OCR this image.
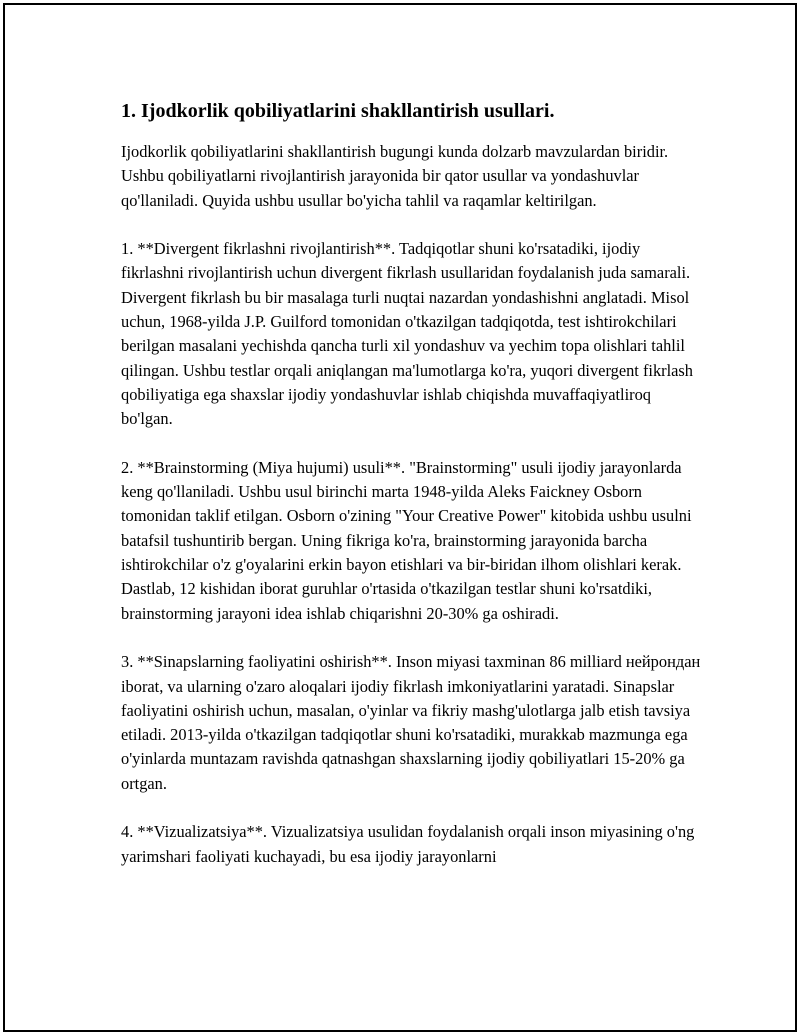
1. Ijodkorlik qobiliyatlarini shakllantirish usullari.

Ijodkorlik qobiliyatlarini shakllantirish bugungi kunda dolzarb mavzulardan biridir. Ushbu qobiliyatlarni rivojlantirish jarayonida bir qator usullar va yondashuvlar qo'llaniladi. Quyida ushbu usullar bo'yicha tahlil va raqamlar keltirilgan.

1. **Divergent fikrlashni rivojlantirish**. Tadqiqotlar shuni ko'rsatadiki, ijodiy fikrlashni rivojlantirish uchun divergent fikrlash usullaridan foydalanish juda samarali. Divergent fikrlash bu bir masalaga turli nuqtai nazardan yondashishni anglatadi. Misol uchun, 1968-yilda J.P. Guilford tomonidan o'tkazilgan tadqiqotda, test ishtirokchilari berilgan masalani yechishda qancha turli xil yondashuv va yechim topa olishlari tahlil qilingan. Ushbu testlar orqali aniqlangan ma'lumotlarga ko'ra, yuqori divergent fikrlash qobiliyatiga ega shaxslar ijodiy yondashuvlar ishlab chiqishda muvaffaqiyatliroq bo'lgan.

2. **Brainstorming (Miya hujumi) usuli**. "Brainstorming" usuli ijodiy jarayonlarda keng qo'llaniladi. Ushbu usul birinchi marta 1948-yilda Aleks Faickney Osborn tomonidan taklif etilgan. Osborn o'zining "Your Creative Power" kitobida ushbu usulni batafsil tushuntirib bergan. Uning fikriga ko'ra, brainstorming jarayonida barcha ishtirokchilar o'z g'oyalarini erkin bayon etishlari va bir-biridan ilhom olishlari kerak. Dastlab, 12 kishidan iborat guruhlar o'rtasida o'tkazilgan testlar shuni ko'rsatdiki, brainstorming jarayoni idea ishlab chiqarishni 20-30% ga oshiradi.

3. **Sinapslarning faoliyatini oshirish**. Inson miyasi taxminan 86 milliard нейрондан iborat, va ularning o'zaro aloqalari ijodiy fikrlash imkoniyatlarini yaratadi. Sinapslar faoliyatini oshirish uchun, masalan, o'yinlar va fikriy mashg'ulotlarga jalb etish tavsiya etiladi. 2013-yilda o'tkazilgan tadqiqotlar shuni ko'rsatadiki, murakkab mazmunga ega o'yinlarda muntazam ravishda qatnashgan shaxslarning ijodiy qobiliyatlari 15-20% ga ortgan.

4. **Vizualizatsiya**. Vizualizatsiya usulidan foydalanish orqali inson miyasining o'ng yarimshari faoliyati kuchayadi, bu esa ijodiy jarayonlarni
